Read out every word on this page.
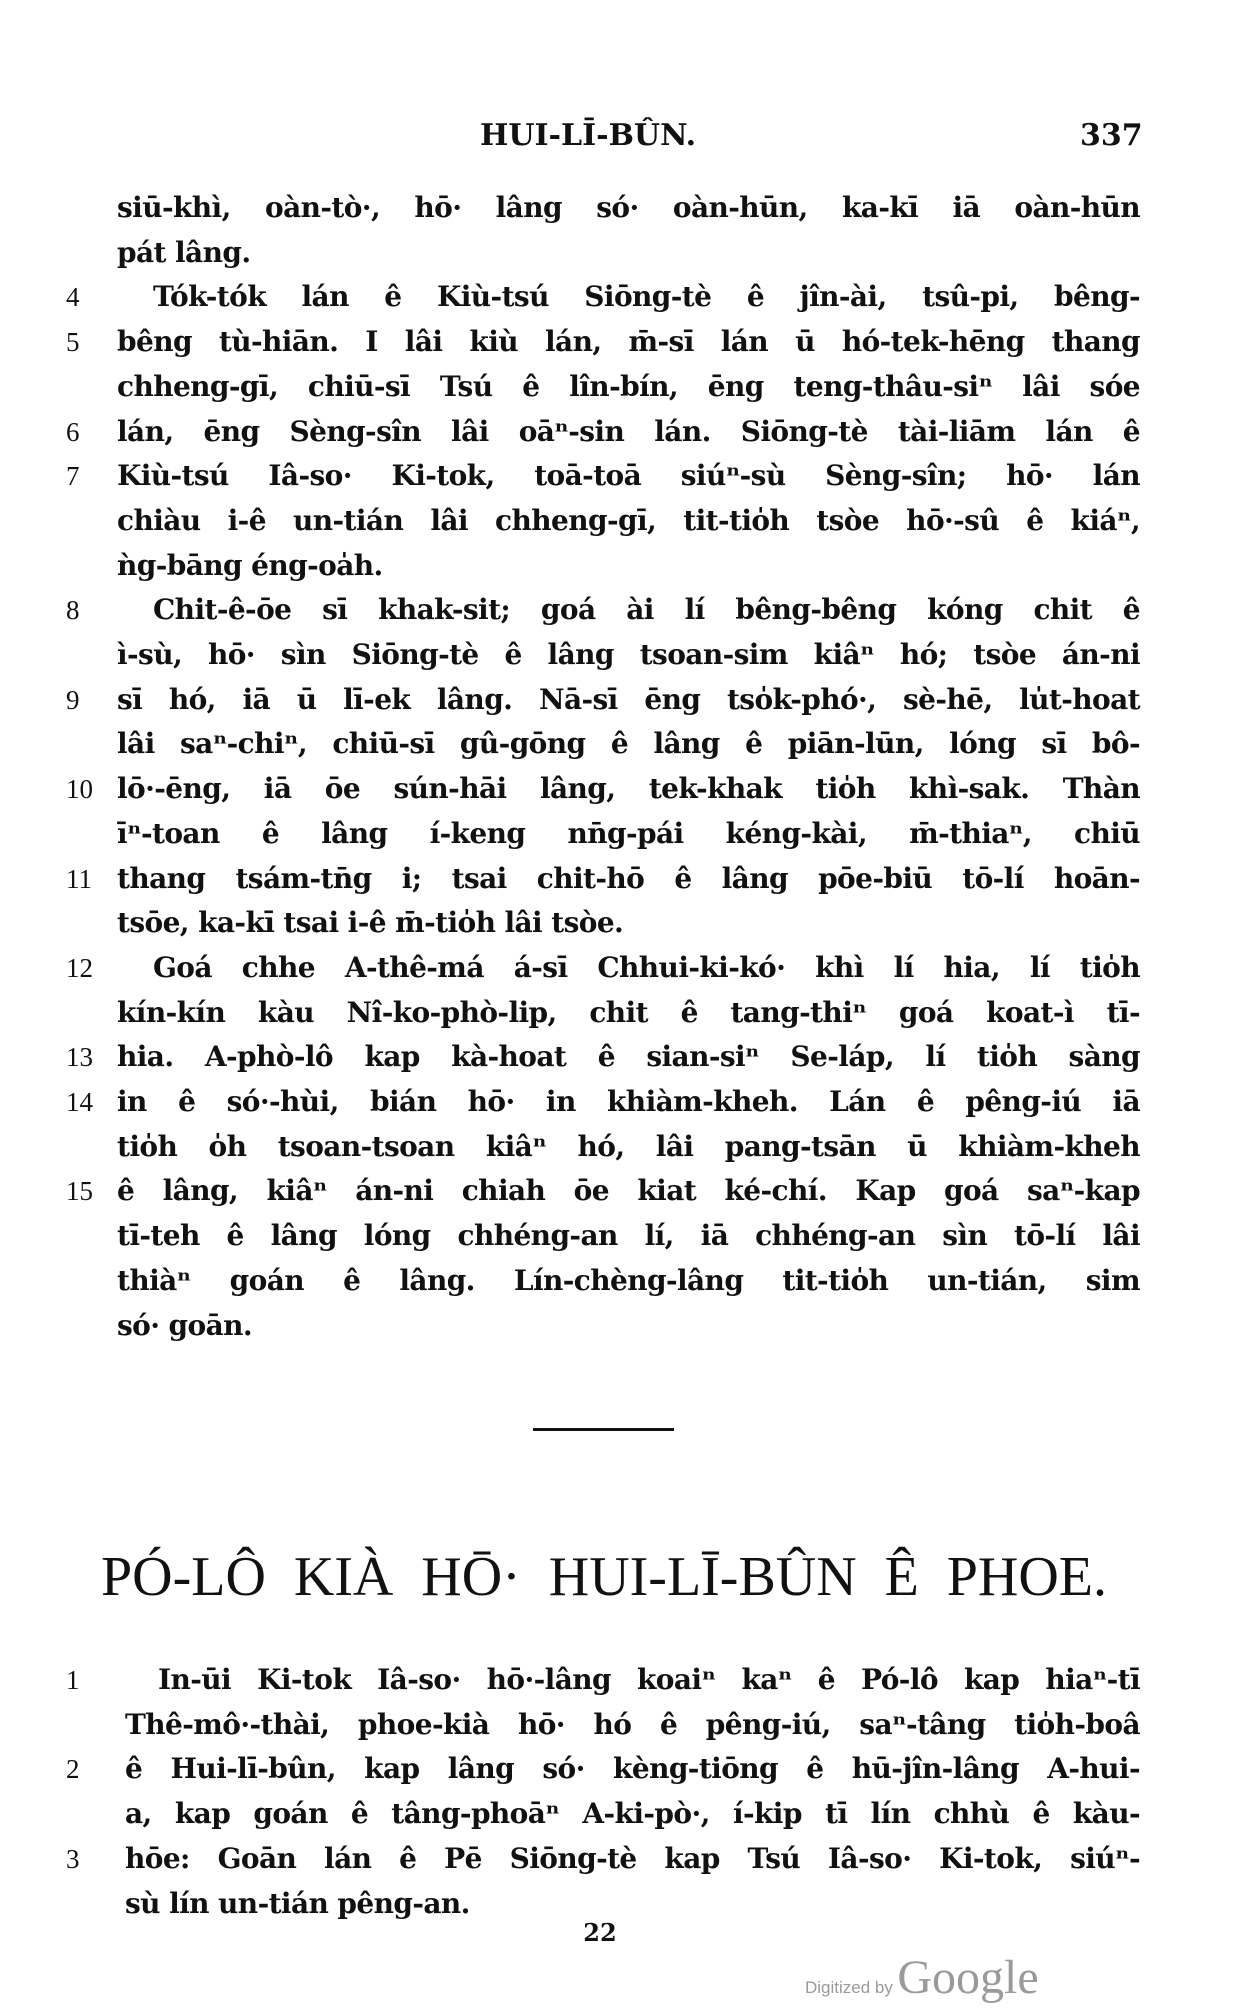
HUI-LĪ-BÛN.	337
siū-khì, oàn-tò·, hō· lâng só· oàn-hūn, ka-kī iā oàn-hūn
pát lâng.
4	Tók-tók lán ê Kiù-tsú Siōng-tè ê jîn-ài, tsû-pi, bêng-
5	bêng tù-hiān. I lâi kiù lán, m̄-sī lán ū hó-tek-hēng thang
chheng-gī, chiū-sī Tsú ê lîn-bín, ēng teng-thâu-siⁿ lâi sóe
6	lán, ēng Sèng-sîn lâi oāⁿ-sin lán. Siōng-tè tài-liām lán ê
7	Kiù-tsú Iâ-so· Ki-tok, toā-toā siúⁿ-sù Sèng-sîn; hō· lán
chiàu i-ê un-tián lâi chheng-gī, tit-tio̍h tsòe hō·-sû ê kiáⁿ,
ǹg-bāng éng-oa̍h.
8	Chit-ê-ōe sī khak-sit; goá ài lí bêng-bêng kóng chit ê
ì-sù, hō· sìn Siōng-tè ê lâng tsoan-sim kiâⁿ hó; tsòe án-ni
9	sī hó, iā ū lī-ek lâng. Nā-sī ēng tso̍k-phó·, sè-hē, lu̍t-hoat
lâi saⁿ-chiⁿ, chiū-sī gû-gōng ê lâng ê piān-lūn, lóng sī bô-
10 lō·-ēng, iā ōe sún-hāi lâng, tek-khak tio̍h khì-sak. Thàn
īⁿ-toan ê lâng í-keng nn̄g-pái kéng-kài, m̄-thiaⁿ, chiū
11 thang tsám-tn̄g i; tsai chit-hō ê lâng pōe-biū tō-lí hoān-
tsōe, ka-kī tsai i-ê m̄-tio̍h lâi tsòe.
12 Goá chhe A-thê-má á-sī Chhui-ki-kó· khì lí hia, lí tio̍h
kín-kín kàu Nî-ko-phò-lip, chit ê tang-thiⁿ goá koat-ì tī-
13 hia. A-phò-lô kap kà-hoat ê sian-siⁿ Se-láp, lí tio̍h sàng
14 in ê só·-hùi, bián hō· in khiàm-kheh. Lán ê pêng-iú iā
tio̍h o̍h tsoan-tsoan kiâⁿ hó, lâi pang-tsān ū khiàm-kheh
15 ê lâng, kiâⁿ án-ni chiah ōe kiat ké-chí. Kap goá saⁿ-kap
tī-teh ê lâng lóng chhéng-an lí, iā chhéng-an sìn tō-lí lâi
thiàⁿ goán ê lâng. Lín-chèng-lâng tit-tio̍h un-tián, sim
só· goān.
PÓ-LÔ KIÀ HŌ· HUI-LĪ-BÛN Ê PHOE.
1	In-ūi Ki-tok Iâ-so· hō·-lâng koaiⁿ kaⁿ ê Pó-lô kap hiaⁿ-tī
Thê-mô·-thài, phoe-kià hō· hó ê pêng-iú, saⁿ-tâng tio̍h-boâ
2	ê Hui-lī-bûn, kap lâng só· kèng-tiōng ê hū-jîn-lâng A-hui-
a, kap goán ê tâng-phoāⁿ A-ki-pò·, í-kip tī lín chhù ê kàu-
3	hōe: Goān lán ê Pē Siōng-tè kap Tsú Iâ-so· Ki-tok, siúⁿ-
sù lín un-tián pêng-an.
22
Digitized by Google
